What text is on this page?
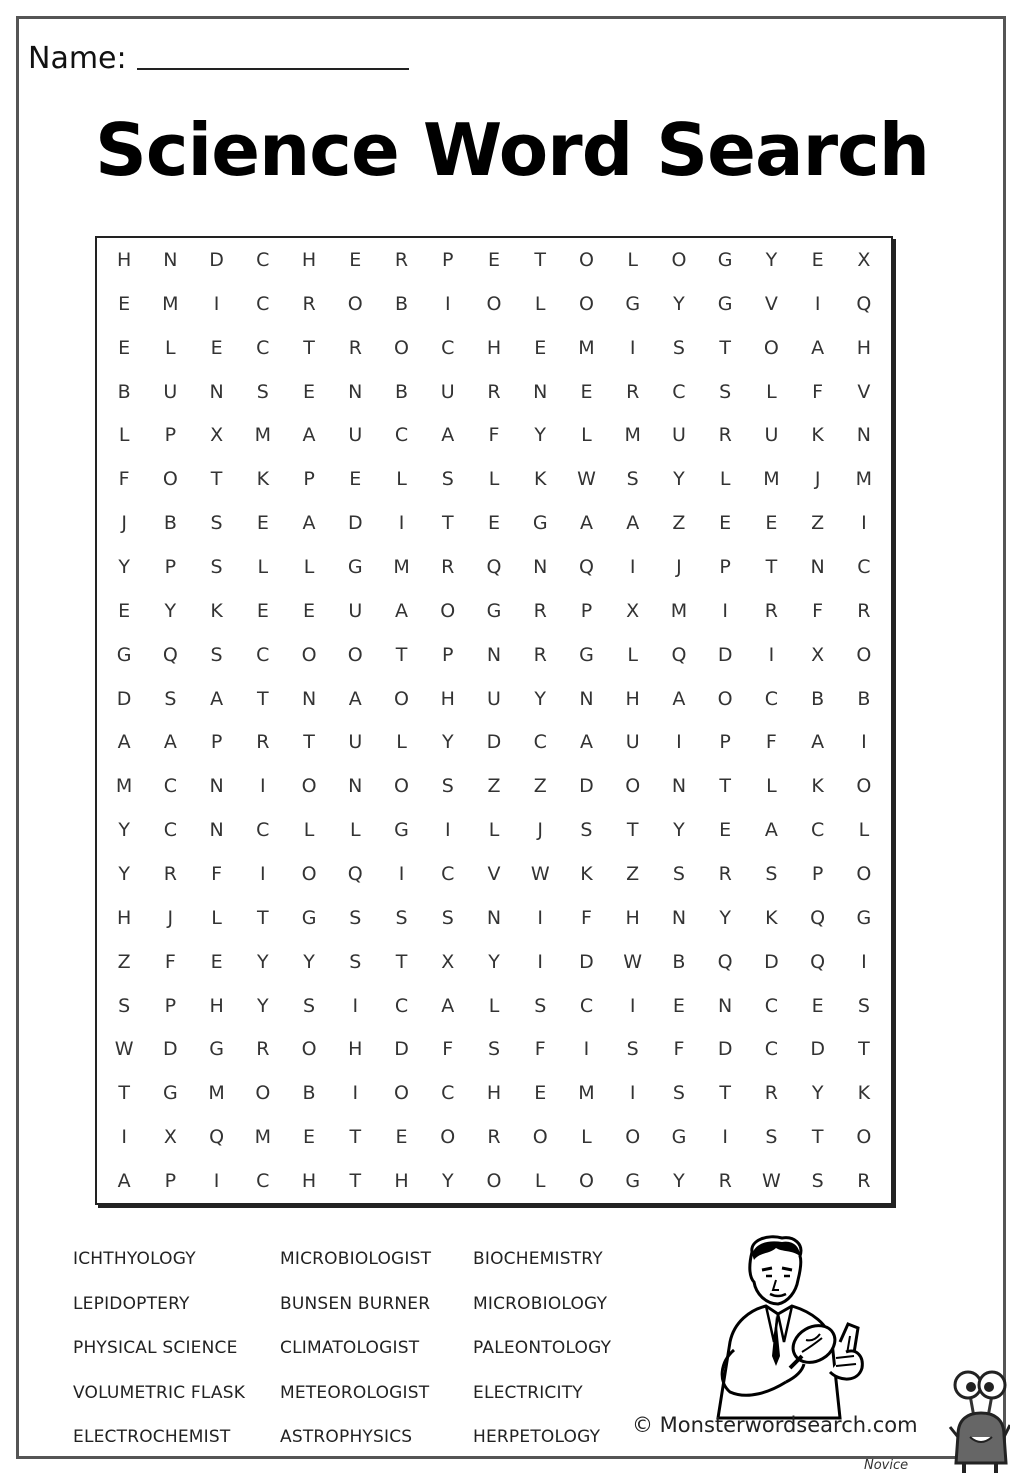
Name:
Science Word Search
H	N	D	C	H	E	R	P	E	T	O	L	O	G	Y	E	X
E	M	I	C	R	O	B	I	O	L	O	G	Y	G	V	I	Q
E	L	E	C	T	R	O	C	H	E	M	I	S	T	O	A	H
B	U	N	S	E	N	B	U	R	N	E	R	C	S	L	F	V
L	P	X	M	A	U	C	A	F	Y	L	M	U	R	U	K	N
F	O	T	K	P	E	L	S	L	K	W	S	Y	L	M	J	M
J	B	S	E	A	D	I	T	E	G	A	A	Z	E	E	Z	I
Y	P	S	L	L	G	M	R	Q	N	Q	I	J	P	T	N	C
E	Y	K	E	E	U	A	O	G	R	P	X	M	I	R	F	R
G	Q	S	C	O	O	T	P	N	R	G	L	Q	D	I	X	O
D	S	A	T	N	A	O	H	U	Y	N	H	A	O	C	B	B
A	A	P	R	T	U	L	Y	D	C	A	U	I	P	F	A	I
M	C	N	I	O	N	O	S	Z	Z	D	O	N	T	L	K	O
Y	C	N	C	L	L	G	I	L	J	S	T	Y	E	A	C	L
Y	R	F	I	O	Q	I	C	V	W	K	Z	S	R	S	P	O
H	J	L	T	G	S	S	S	N	I	F	H	N	Y	K	Q	G
Z	F	E	Y	Y	S	T	X	Y	I	D	W	B	Q	D	Q	I
S	P	H	Y	S	I	C	A	L	S	C	I	E	N	C	E	S
W	D	G	R	O	H	D	F	S	F	I	S	F	D	C	D	T
T	G	M	O	B	I	O	C	H	E	M	I	S	T	R	Y	K
I	X	Q	M	E	T	E	O	R	O	L	O	G	I	S	T	O
A	P	I	C	H	T	H	Y	O	L	O	G	Y	R	W	S	R
ICHTHYOLOGY	MICROBIOLOGIST	BIOCHEMISTRY
LEPIDOPTERY	BUNSEN BURNER	MICROBIOLOGY
PHYSICAL SCIENCE	CLIMATOLOGIST	PALEONTOLOGY
VOLUMETRIC FLASK	METEOROLOGIST	ELECTRICITY
ELECTROCHEMIST	ASTROPHYSICS	HERPETOLOGY
© Monsterwordsearch.com
Novice
